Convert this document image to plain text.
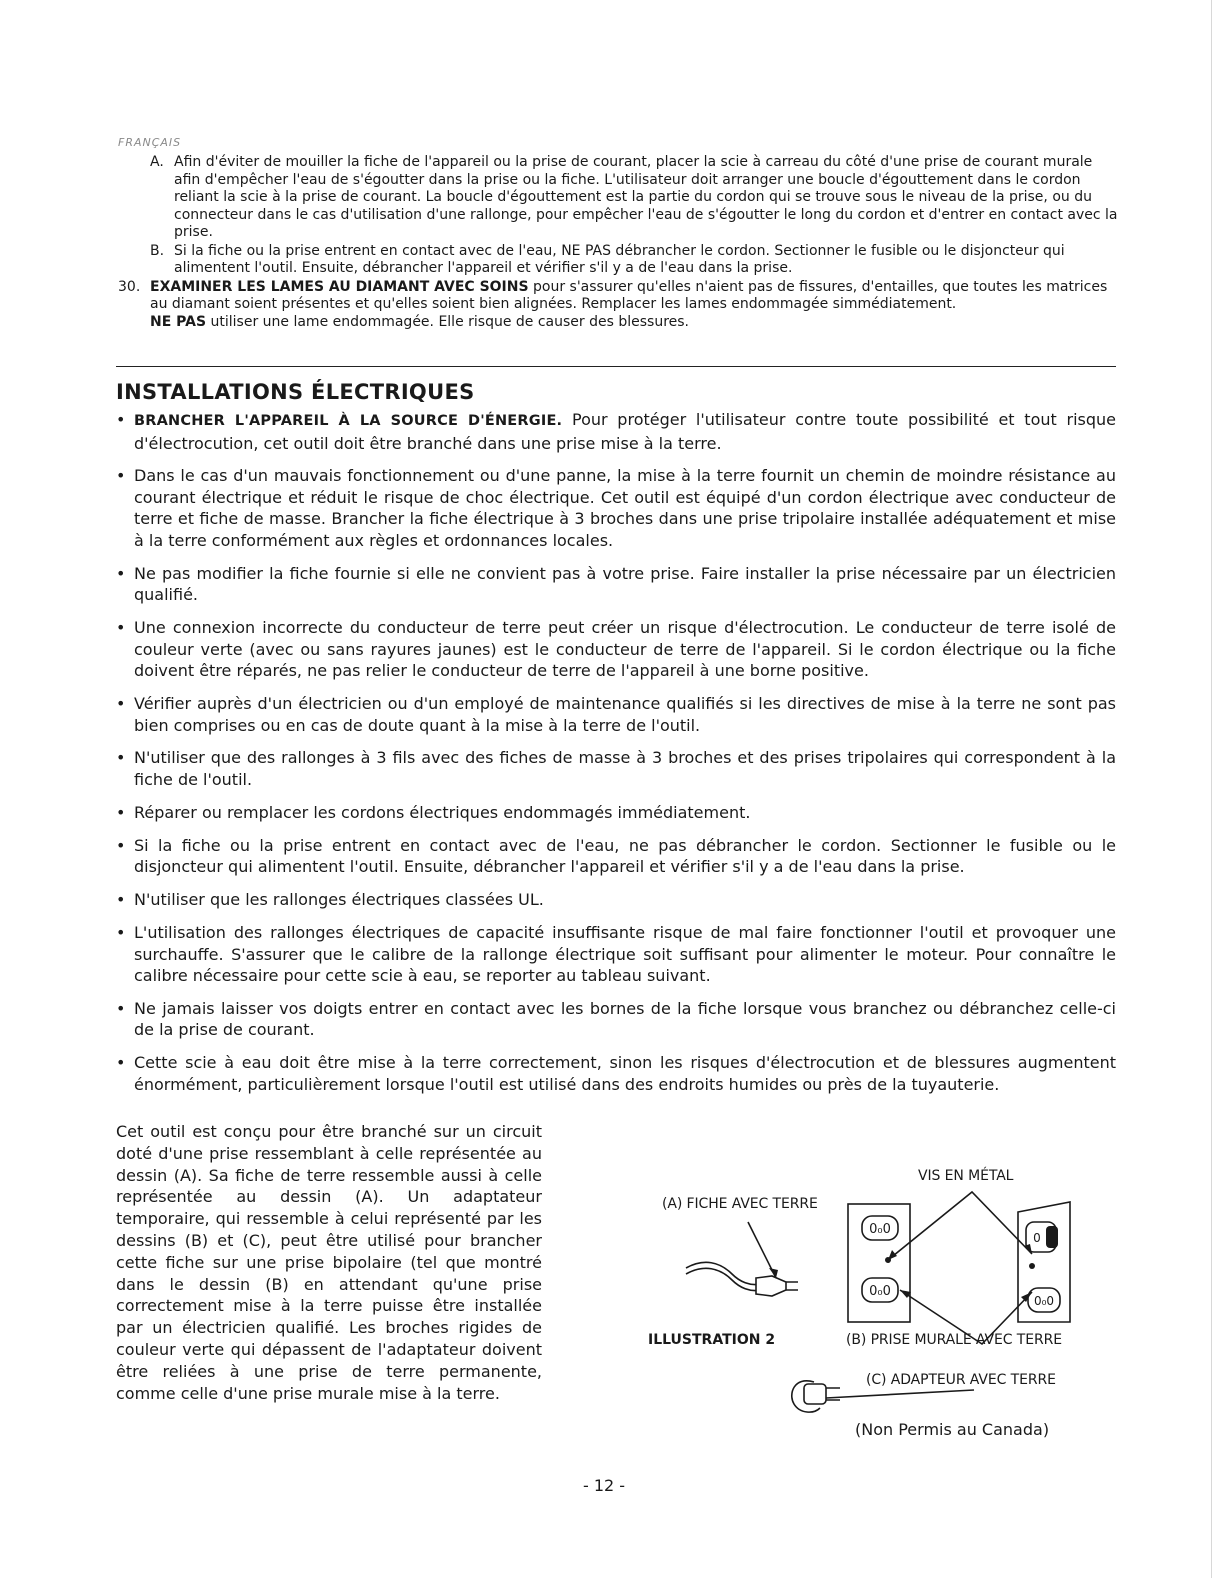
FRANÇAIS
A. Afin d'éviter de mouiller la fiche de l'appareil ou la prise de courant, placer la scie à carreau du côté d'une prise de courant murale afin d'empêcher l'eau de s'égoutter dans la prise ou la fiche. L'utilisateur doit arranger une boucle d'égouttement dans le cordon reliant la scie à la prise de courant. La boucle d'égouttement est la partie du cordon qui se trouve sous le niveau de la prise, ou du connecteur dans le cas d'utilisation d'une rallonge, pour empêcher l'eau de s'égoutter le long du cordon et d'entrer en contact avec la prise.
B. Si la fiche ou la prise entrent en contact avec de l'eau, NE PAS débrancher le cordon. Sectionner le fusible ou le disjoncteur qui alimentent l'outil. Ensuite, débrancher l'appareil et vérifier s'il y a de l'eau dans la prise.
30. EXAMINER LES LAMES AU DIAMANT AVEC SOINS pour s'assurer qu'elles n'aient pas de fissures, d'entailles, que toutes les matrices au diamant soient présentes et qu'elles soient bien alignées. Remplacer les lames endommagée simmédiatement.
NE PAS utiliser une lame endommagée. Elle risque de causer des blessures.
INSTALLATIONS ÉLECTRIQUES
• BRANCHER L'APPAREIL À LA SOURCE D'ÉNERGIE. Pour protéger l'utilisateur contre toute possibilité et tout risque d'électrocution, cet outil doit être branché dans une prise mise à la terre.
• Dans le cas d'un mauvais fonctionnement ou d'une panne, la mise à la terre fournit un chemin de moindre résistance au courant électrique et réduit le risque de choc électrique. Cet outil est équipé d'un cordon électrique avec conducteur de terre et fiche de masse. Brancher la fiche électrique à 3 broches dans une prise tripolaire installée adéquatement et mise à la terre conformément aux règles et ordonnances locales.
• Ne pas modifier la fiche fournie si elle ne convient pas à votre prise. Faire installer la prise nécessaire par un électricien qualifié.
• Une connexion incorrecte du conducteur de terre peut créer un risque d'électrocution. Le conducteur de terre isolé de couleur verte (avec ou sans rayures jaunes) est le conducteur de terre de l'appareil. Si le cordon électrique ou la fiche doivent être réparés, ne pas relier le conducteur de terre de l'appareil à une borne positive.
• Vérifier auprès d'un électricien ou d'un employé de maintenance qualifiés si les directives de mise à la terre ne sont pas bien comprises ou en cas de doute quant à la mise à la terre de l'outil.
• N'utiliser que des rallonges à 3 fils avec des fiches de masse à 3 broches et des prises tripolaires qui correspondent à la fiche de l'outil.
• Réparer ou remplacer les cordons électriques endommagés immédiatement.
• Si la fiche ou la prise entrent en contact avec de l'eau, ne pas débrancher le cordon. Sectionner le fusible ou le disjoncteur qui alimentent l'outil. Ensuite, débrancher l'appareil et vérifier s'il y a de l'eau dans la prise.
• N'utiliser que les rallonges électriques classées UL.
• L'utilisation des rallonges électriques de capacité insuffisante risque de mal faire fonctionner l'outil et provoquer une surchauffe. S'assurer que le calibre de la rallonge électrique soit suffisant pour alimenter le moteur. Pour connaître le calibre nécessaire pour cette scie à eau, se reporter au tableau suivant.
• Ne jamais laisser vos doigts entrer en contact avec les bornes de la fiche lorsque vous branchez ou débranchez celle-ci de la prise de courant.
• Cette scie à eau doit être mise à la terre correctement, sinon les risques d'électrocution et de blessures augmentent énormément, particulièrement lorsque l'outil est utilisé dans des endroits humides ou près de la tuyauterie.

Cet outil est conçu pour être branché sur un circuit doté d'une prise ressemblant à celle représentée au dessin (A). Sa fiche de terre ressemble aussi à celle représentée au dessin (A). Un adaptateur temporaire, qui ressemble à celui représenté par les dessins (B) et (C), peut être utilisé pour brancher cette fiche sur une prise bipolaire (tel que montré dans le dessin (B) en attendant qu'une prise correctement mise à la terre puisse être installée par un électricien qualifié. Les broches rigides de couleur verte qui dépassent de l'adaptateur doivent être reliées à une prise de terre permanente, comme celle d'une prise murale mise à la terre.

VIS EN MÉTAL
(A) FICHE AVEC TERRE
ILLUSTRATION 2	(B) PRISE MURALE AVEC TERRE
(C) ADAPTEUR AVEC TERRE
0₀0
0₀0
0
0₀0
(Non Permis au Canada)
- 12 -
